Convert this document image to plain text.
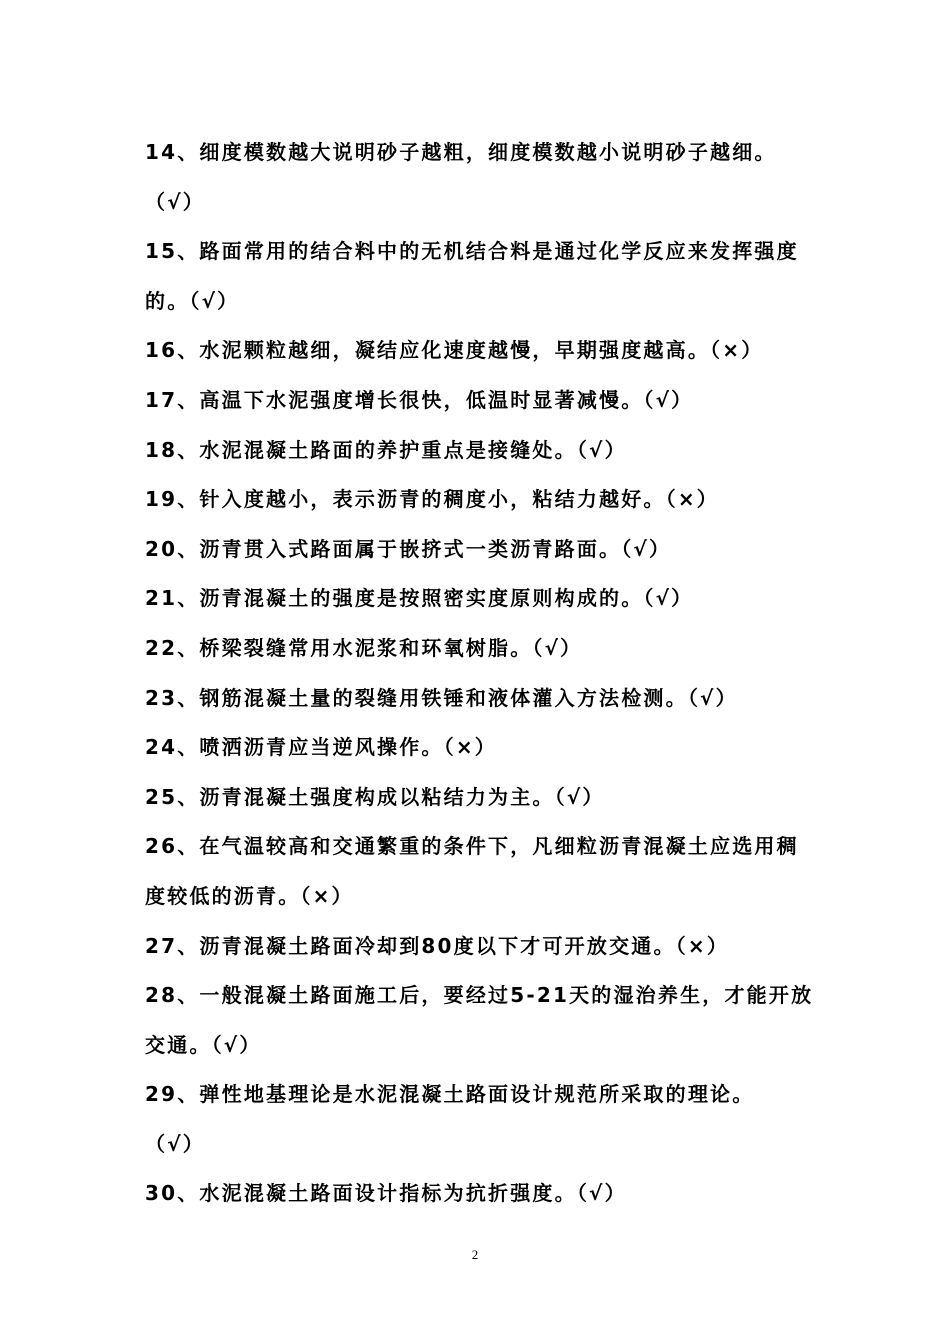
14、细度模数越大说明砂子越粗，细度模数越小说明砂子越细。
（√）
15、路面常用的结合料中的无机结合料是通过化学反应来发挥强度
的。（√）
16、水泥颗粒越细，凝结应化速度越慢，早期强度越高。（×）
17、高温下水泥强度增长很快，低温时显著减慢。（√）
18、水泥混凝土路面的养护重点是接缝处。（√）
19、针入度越小，表示沥青的稠度小，粘结力越好。（×）
20、沥青贯入式路面属于嵌挤式一类沥青路面。（√）
21、沥青混凝土的强度是按照密实度原则构成的。（√）
22、桥梁裂缝常用水泥浆和环氧树脂。（√）
23、钢筋混凝土量的裂缝用铁锤和液体灌入方法检测。（√）
24、喷洒沥青应当逆风操作。（×）
25、沥青混凝土强度构成以粘结力为主。（√）
26、在气温较高和交通繁重的条件下，凡细粒沥青混凝土应选用稠
度较低的沥青。（×）
27、沥青混凝土路面冷却到80度以下才可开放交通。（×）
28、一般混凝土路面施工后，要经过5-21天的湿治养生，才能开放
交通。（√）
29、弹性地基理论是水泥混凝土路面设计规范所采取的理论。
（√）
30、水泥混凝土路面设计指标为抗折强度。（√）
2
